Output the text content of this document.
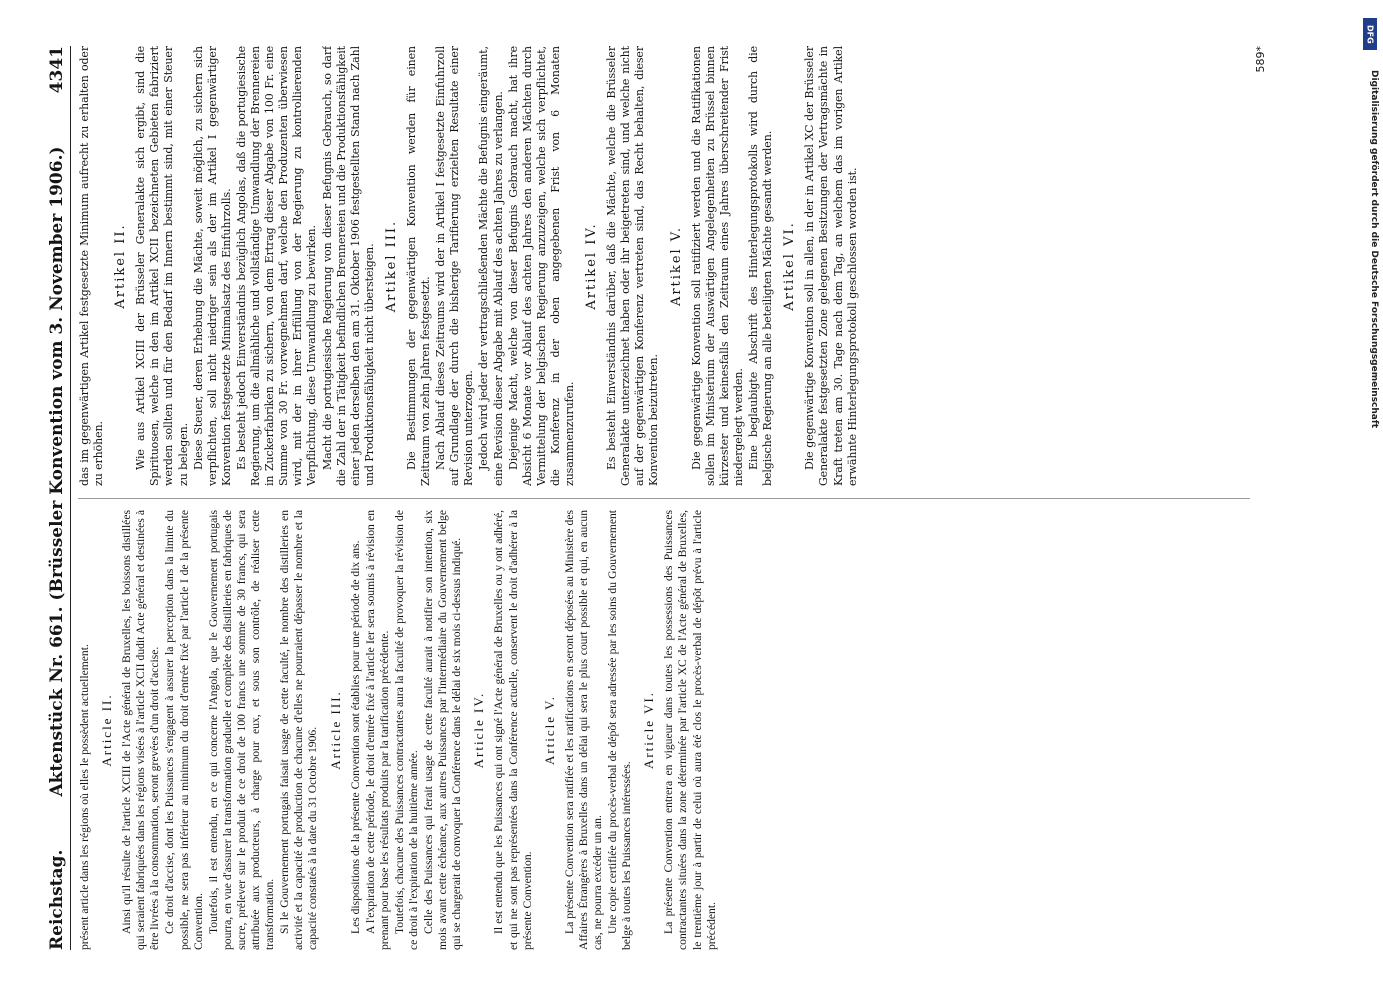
Reichstag.
Aktenstück Nr. 661. (Brüsseler Konvention vom 3. November 1906.)
4341

présent article dans les régions où elles le possèdent actuellement. Article II. Ainsi qu'il résulte de l'article XCIII de l'Acte général de Bruxelles, les boissons distillées qui seraient fabriquées dans les régions visées à l'article XCII dudit Acte général et destinées à être livrées à la consommation, seront grevées d'un droit d'accise. Ce droit d'accise, dont les Puissances s'engagent à assurer la perception dans la limite du possible, ne sera pas inférieur au minimum du droit d'entrée fixé par l'article I de la présente Convention. Toutefois, il est entendu, en ce qui concerne l'Angola, que le Gouvernement portugais pourra, en vue d'assurer la transformation graduelle et complète des distilleries en fabriques de sucre, prélever sur le produit de ce droit de 100 francs une somme de 30 francs, qui sera attribuée aux producteurs, à charge pour eux, et sous son contrôle, de réaliser cette transformation. Si le Gouvernement portugais faisait usage de cette faculté, le nombre des distilleries en activité et la capacité de production de chacune d'elles ne pourraient dépasser le nombre et la capacité constatés à la date du 31 Octobre 1906. Article III. Les dispositions de la présente Convention sont établies pour une période de dix ans. A l'expiration de cette période, le droit d'entrée fixé à l'article Ier sera soumis à révision en prenant pour base les résultats produits par la tarification précédente. Toutefois, chacune des Puissances contractantes aura la faculté de provoquer la révision de ce droit à l'expiration de la huitième année. Celle des Puissances qui ferait usage de cette faculté aurait à notifier son intention, six mois avant cette échéance, aux autres Puissances par l'intermédiaire du Gouvernement belge qui se chargerait de convoquer la Conférence dans le délai de six mois ci-dessus indiqué. Article IV. Il est entendu que les Puissances qui ont signé l'Acte général de Bruxelles ou y ont adhéré, et qui ne sont pas représentées dans la Conférence actuelle, conservent le droit d'adhérer à la présente Convention.

Article V. La présente Convention sera ratifiée et les ratifications en seront déposées au Ministère des Affaires Étrangères à Bruxelles dans un délai qui sera le plus court possible et qui, en aucun cas, ne pourra excéder un an. Une copie certifiée du procès-verbal de dépôt sera adressée par les soins du Gouvernement belge à toutes les Puissances intéressées.

Article VI. La présente Convention entrera en vigueur dans toutes les possessions des Puissances contractantes situées dans la zone déterminée par l'article XC de l'Acte général de Bruxelles, le trentième jour à partir de celui où aura été clos le procès-verbal de dépôt prévu à l'article précédent.

das im gegenwärtigen Artikel festgesetzte Minimum aufrecht zu erhalten oder zu erhöhen.

Artikel II. Wie aus Artikel XCIII der Brüsseler Generalakte sich ergibt, sind die Spirituosen, welche in den im Artikel XCII bezeichneten Gebieten fabriziert werden sollten und für den Bedarf im Innern bestimmt sind, mit einer Steuer zu belegen. Diese Steuer, deren Erhebung die Mächte, soweit möglich, zu sichern sich verpflichten, soll nicht niedriger sein als der im Artikel I gegenwärtiger Konvention festgesetzte Minimalsatz des Einfuhrzolls. Es besteht jedoch Einverständnis bezüglich Angolas, daß die portugiesische Regierung, um die allmähliche und vollständige Umwandlung der Brennereien in Zuckerfabriken zu sichern, von dem Ertrag dieser Abgabe von 100 Fr. eine Summe von 30 Fr. vorwegnehmen darf, welche den Produzenten überwiesen wird, mit der in ihrer Erfüllung von der Regierung zu kontrollierenden Verpflichtung, diese Umwandlung zu bewirken. Macht die portugiesische Regierung von dieser Befugnis Gebrauch, so darf die Zahl der in Tätigkeit befindlichen Brennereien und die Produktionsfähigkeit einer jeden derselben den am 31. Oktober 1906 festgestellten Stand nach Zahl und Produktionsfähigkeit nicht übersteigen. Artikel III. Die Bestimmungen der gegenwärtigen Konvention werden für einen Zeitraum von zehn Jahren festgesetzt. Nach Ablauf dieses Zeitraums wird der in Artikel I festgesetzte Einfuhrzoll auf Grundlage der durch die bisherige Tarifierung erzielten Resultate einer Revision unterzogen. Jedoch wird jeder der vertragschließenden Mächte die Befugnis eingeräumt, eine Revision dieser Abgabe mit Ablauf des achten Jahres zu verlangen. Diejenige Macht, welche von dieser Befugnis Gebrauch macht, hat ihre Absicht 6 Monate vor Ablauf des achten Jahres den anderen Mächten durch Vermittelung der belgischen Regierung anzuzeigen, welche sich verpflichtet, die Konferenz in der oben angegebenen Frist von 6 Monaten zusammenzurufen.

Artikel IV. Es besteht Einverständnis darüber, daß die Mächte, welche die Brüsseler Generalakte unterzeichnet haben oder ihr beigetreten sind, und welche nicht auf der gegenwärtigen Konferenz vertreten sind, das Recht behalten, dieser Konvention beizutreten.

Artikel V. Die gegenwärtige Konvention soll ratifiziert werden und die Ratifikationen sollen im Ministerium der Auswärtigen Angelegenheiten zu Brüssel binnen kürzester und keinesfalls den Zeitraum eines Jahres überschreitender Frist niedergelegt werden. Eine beglaubigte Abschrift des Hinterlegungsprotokolls wird durch die belgische Regierung an alle beteiligten Mächte gesandt werden. Artikel VI. Die gegenwärtige Konvention soll in allen, in der in Artikel XC der Brüsseler Generalakte festgesetzten Zone gelegenen Besitzungen der Vertragsmächte in Kraft treten am 30. Tage nach dem Tag, an welchem das im vorigen Artikel erwähnte Hinterlegungsprotokoll geschlossen worden ist.

589*
Digitalisierung gefördert durch die Deutsche Forschungsgemeinschaft
DFG
